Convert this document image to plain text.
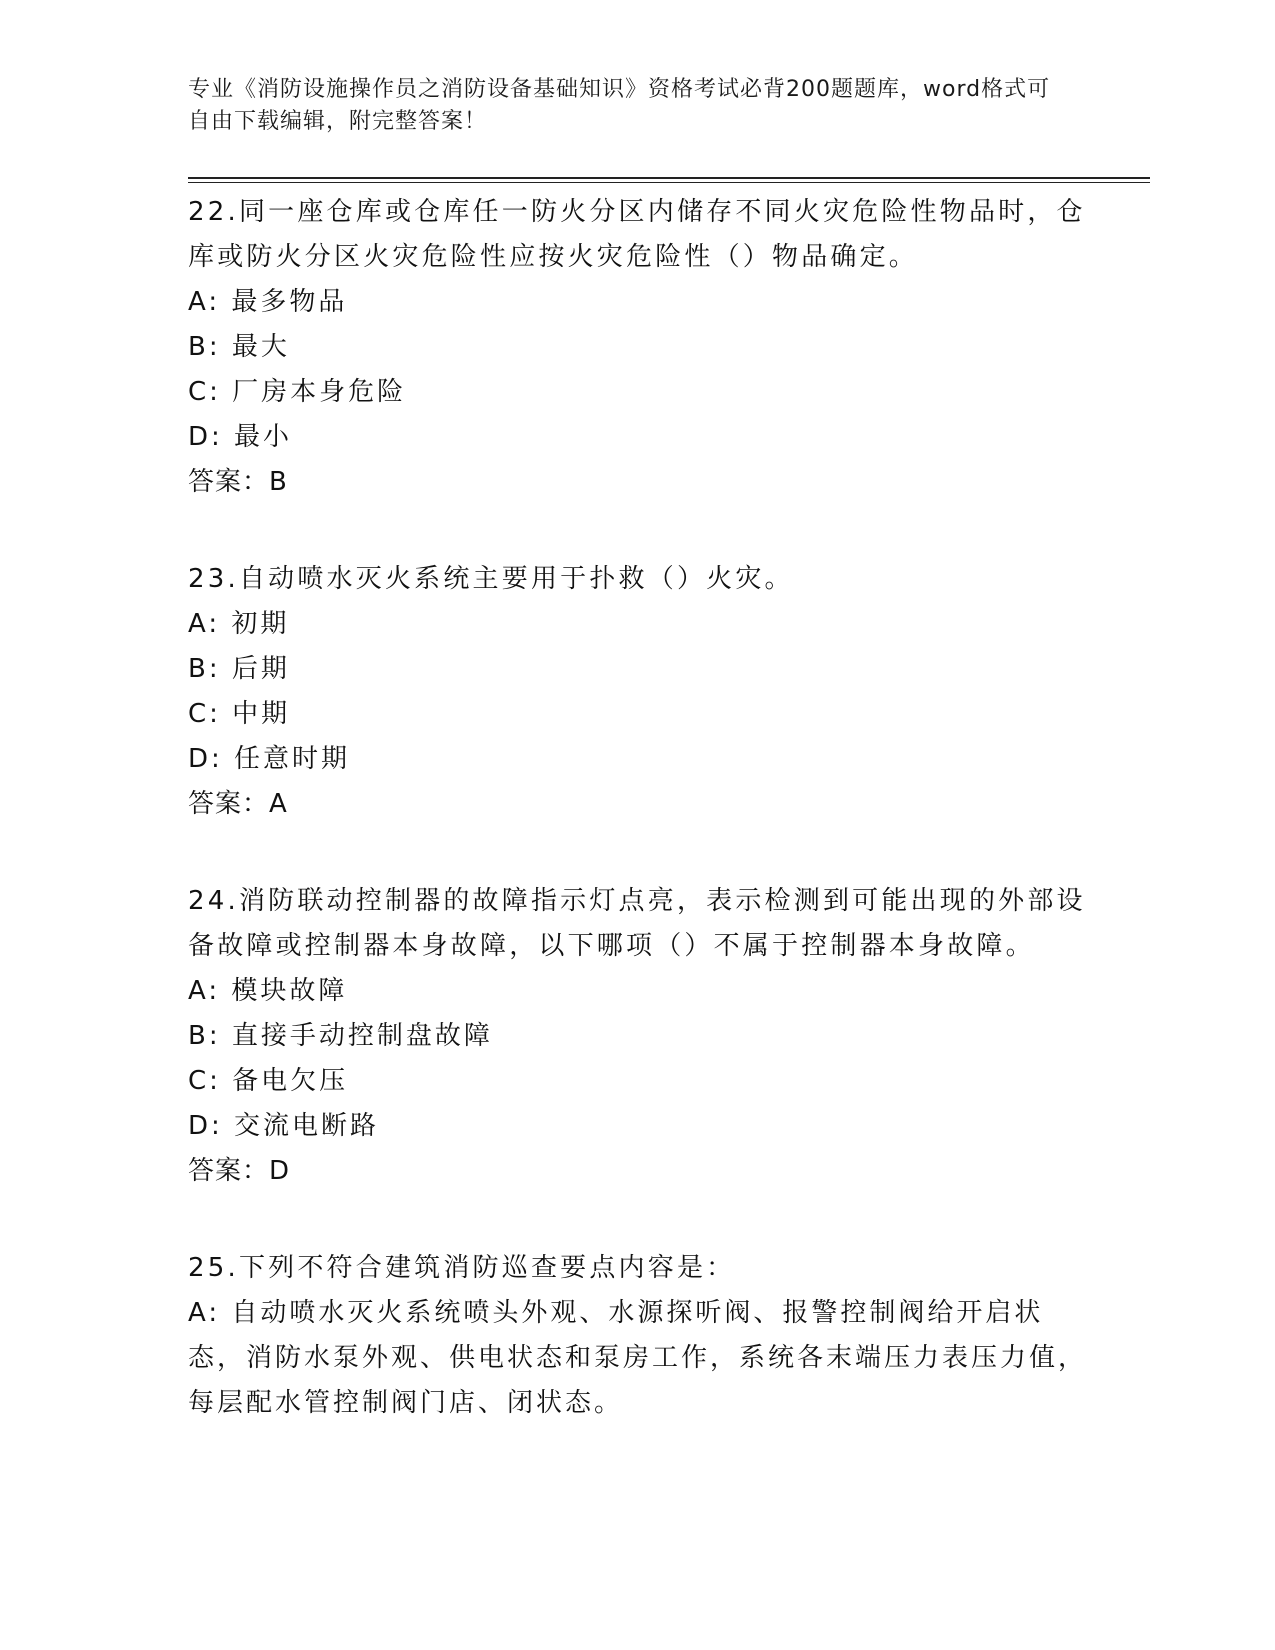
专业《消防设施操作员之消防设备基础知识》资格考试必背200题题库，word格式可自由下载编辑，附完整答案！

22.同一座仓库或仓库任一防火分区内储存不同火灾危险性物品时，仓库或防火分区火灾危险性应按火灾危险性（）物品确定。

A: 最多物品

B: 最大

C: 厂房本身危险

D: 最小

答案：B

23.自动喷水灭火系统主要用于扑救（）火灾。

A: 初期

B: 后期

C: 中期

D: 任意时期

答案：A

24.消防联动控制器的故障指示灯点亮，表示检测到可能出现的外部设备故障或控制器本身故障，以下哪项（）不属于控制器本身故障。

A: 模块故障

B: 直接手动控制盘故障

C: 备电欠压

D: 交流电断路

答案：D

25.下列不符合建筑消防巡查要点内容是：

A: 自动喷水灭火系统喷头外观、水源探听阀、报警控制阀给开启状态，消防水泵外观、供电状态和泵房工作，系统各末端压力表压力值，每层配水管控制阀门店、闭状态。
